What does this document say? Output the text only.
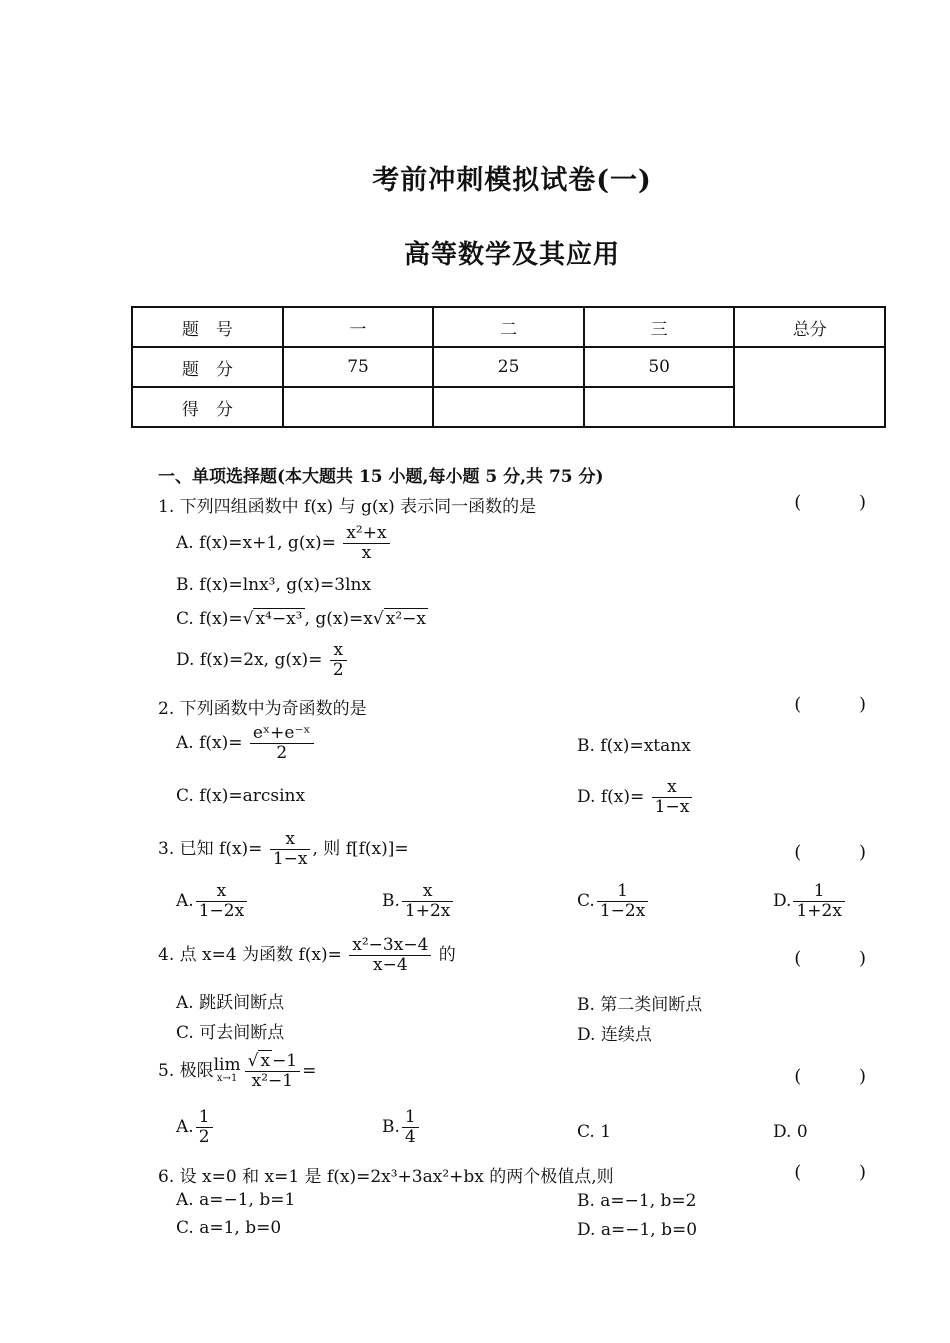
考前冲刺模拟试卷(一)
高等数学及其应用
题　号	一	二	三	总分
题　分	75	25	50	
得　分				
一、单项选择题(本大题共 15 小题,每小题 5 分,共 75 分)
1. 下列四组函数中 f(x) 与 g(x) 表示同一函数的是	( )
A. f(x)=x+1, $g(x)= \frac{\text{x²+x}}{x}$
B. f(x)=lnx³, g(x)=3lnx
C. f(x)=√ x⁴−x³ , g(x)=x√ x²−x
D. f(x)=2x, $g(x)= \frac{x}{2}$
2. 下列函数中为奇函数的是	( )
A. $f(x)= \frac{\text{eˣ+e⁻ˣ}}{2}$	B. f(x)=xtanx
C. f(x)=arcsinx	D. $f(x)= \frac{x}{1-x}$
3. 已知 $f(x)= \frac{x}{1-x}$ , 则 f[f(x)]=	( )
A. $\frac{x}{1-2x}$	B. $\frac{x}{1+2x}$	C. $\frac{1}{1-2x}$	D. $\frac{1}{1+2x}$
4. 点 x=4 为函数 $f(x)= \frac{\text{x²−3x−4}}{x-4}$ 的	( )
A. 跳跃间断点	B. 第二类间断点
C. 可去间断点	D. 连续点
5. 极限lim
$x\to 1 \frac{√ x -1}{\text{x²−1}}$ =	( )
A. $\frac{1}{2}$	B. $\frac{1}{4}$	C. 1	D. 0
6. 设 x=0 和 x=1 是 f(x)=2x³+3ax²+bx 的两个极值点,则	( )
A. a=−1, b=1	B. a=−1, b=2
C. a=1, b=0	D. a=−1, b=0
